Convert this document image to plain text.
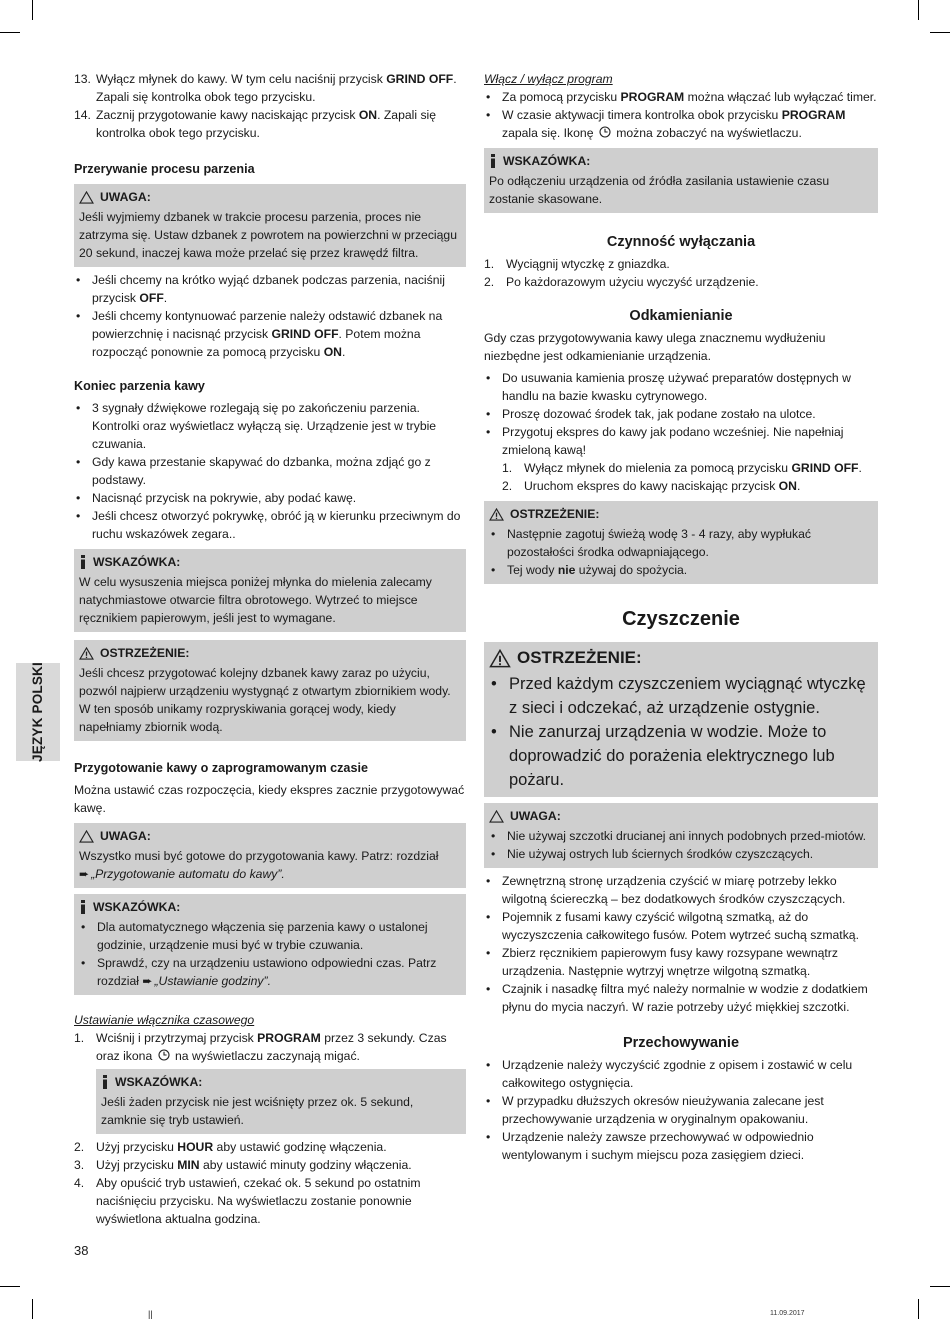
JĘZYK POLSKI
13. Wyłącz młynek do kawy. W tym celu naciśnij przycisk GRIND OFF. Zapali się kontrolka obok tego przycisku.
14. Zacznij przygotowanie kawy naciskając przycisk ON. Zapali się kontrolka obok tego przycisku.
Przerywanie procesu parzenia
UWAGA:
Jeśli wyjmiemy dzbanek w trakcie procesu parzenia, proces nie zatrzyma się. Ustaw dzbanek z powrotem na powierzchni w przeciągu 20 sekund, inaczej kawa może przelać się przez krawędź filtra.
• Jeśli chcemy na krótko wyjąć dzbanek podczas parzenia, naciśnij przycisk OFF.
• Jeśli chcemy kontynuować parzenie należy odstawić dzbanek na powierzchnię i nacisnąć przycisk GRIND OFF. Potem można rozpocząć ponownie za pomocą przycisku ON.
Koniec parzenia kawy
• 3 sygnały dźwiękowe rozlegają się po zakończeniu parzenia. Kontrolki oraz wyświetlacz wyłączą się. Urządzenie jest w trybie czuwania.
• Gdy kawa przestanie skapywać do dzbanka, można zdjąć go z podstawy.
• Nacisnąć przycisk na pokrywie, aby podać kawę.
• Jeśli chcesz otworzyć pokrywkę, obróć ją w kierunku przeciwnym do ruchu wskazówek zegara..
WSKAZÓWKA:
W celu wysuszenia miejsca poniżej młynka do mielenia zalecamy natychmiastowe otwarcie filtra obrotowego. Wytrzeć to miejsce ręcznikiem papierowym, jeśli jest to wymagane.
OSTRZEŻENIE:
Jeśli chcesz przygotować kolejny dzbanek kawy zaraz po użyciu, pozwól najpierw urządzeniu wystygnąć z otwartym zbiornikiem wody. W ten sposób unikamy rozpryskiwania gorącej wody, kiedy napełniamy zbiornik wodą.
Przygotowanie kawy o zaprogramowanym czasie
Można ustawić czas rozpoczęcia, kiedy ekspres zacznie przygotowywać kawę.
UWAGA:
Wszystko musi być gotowe do przygotowania kawy. Patrz: rozdział
➨ „Przygotowanie automatu do kawy”.
WSKAZÓWKA:
• Dla automatycznego włączenia się parzenia kawy o ustalonej godzinie, urządzenie musi być w trybie czuwania.
• Sprawdź, czy na urządzeniu ustawiono odpowiedni czas. Patrz rozdział ➨ „Ustawianie godziny”.
Ustawianie włącznika czasowego
1. Wciśnij i przytrzymaj przycisk PROGRAM przez 3 sekundy. Czas oraz ikona  na wyświetlaczu zaczynają migać.
WSKAZÓWKA:
Jeśli żaden przycisk nie jest wciśnięty przez ok. 5 sekund, zamknie się tryb ustawień.
2. Użyj przycisku HOUR aby ustawić godzinę włączenia.
3. Użyj przycisku MIN aby ustawić minuty godziny włączenia.
4. Aby opuścić tryb ustawień, czekać ok. 5 sekund po ostatnim naciśnięciu przycisku. Na wyświetlaczu zostanie ponownie wyświetlona aktualna godzina.
Włącz / wyłącz program
• Za pomocą przycisku PROGRAM można włączać lub wyłączać timer.
• W czasie aktywacji timera kontrolka obok przycisku PROGRAM zapala się. Ikonę  można zobaczyć na wyświetlaczu.
WSKAZÓWKA:
Po odłączeniu urządzenia od źródła zasilania ustawienie czasu zostanie skasowane.
Czynność wyłączania
1. Wyciągnij wtyczkę z gniazdka.
2. Po każdorazowym użyciu wyczyść urządzenie.
Odkamienianie
Gdy czas przygotowywania kawy ulega znacznemu wydłużeniu niezbędne jest odkamienianie urządzenia.
• Do usuwania kamienia proszę używać preparatów dostępnych w handlu na bazie kwasku cytrynowego.
• Proszę dozować środek tak, jak podane zostało na ulotce.
• Przygotuj ekspres do kawy jak podano wcześniej. Nie napełniaj zmieloną kawą!
1. Wyłącz młynek do mielenia za pomocą przycisku GRIND OFF.
2. Uruchom ekspres do kawy naciskając przycisk ON.
OSTRZEŻENIE:
• Następnie zagotuj świeżą wodę 3 - 4 razy, aby wypłukać pozostałości środka odwapniającego.
• Tej wody nie używaj do spożycia.
Czyszczenie
OSTRZEŻENIE:
• Przed każdym czyszczeniem wyciągnąć wtyczkę z sieci i odczekać, aż urządzenie ostygnie.
• Nie zanurzaj urządzenia w wodzie. Może to doprowadzić do porażenia elektrycznego lub pożaru.
UWAGA:
• Nie używaj szczotki drucianej ani innych podobnych przed-miotów.
• Nie używaj ostrych lub ściernych środków czyszczących.
• Zewnętrzną stronę urządzenia czyścić w miarę potrzeby lekko wilgotną ściereczką – bez dodatkowych środków czyszczących.
• Pojemnik z fusami kawy czyścić wilgotną szmatką, aż do wyczyszczenia całkowitego fusów. Potem wytrzeć suchą szmatką.
• Zbierz ręcznikiem papierowym fusy kawy rozsypane wewnątrz urządzenia. Następnie wytrzyj wnętrze wilgotną szmatką.
• Czajnik i nasadkę filtra myć należy normalnie w wodzie z dodatkiem płynu do mycia naczyń. W razie potrzeby użyć miękkiej szczotki.
Przechowywanie
• Urządzenie należy wyczyścić zgodnie z opisem i zostawić w celu całkowitego ostygnięcia.
• W przypadku dłuższych okresów nieużywania zalecane jest przechowywanie urządzenia w oryginalnym opakowaniu.
• Urządzenie należy zawsze przechowywać w odpowiednio wentylowanym i suchym miejscu poza zasięgiem dzieci.
38
||	11.09.2017
